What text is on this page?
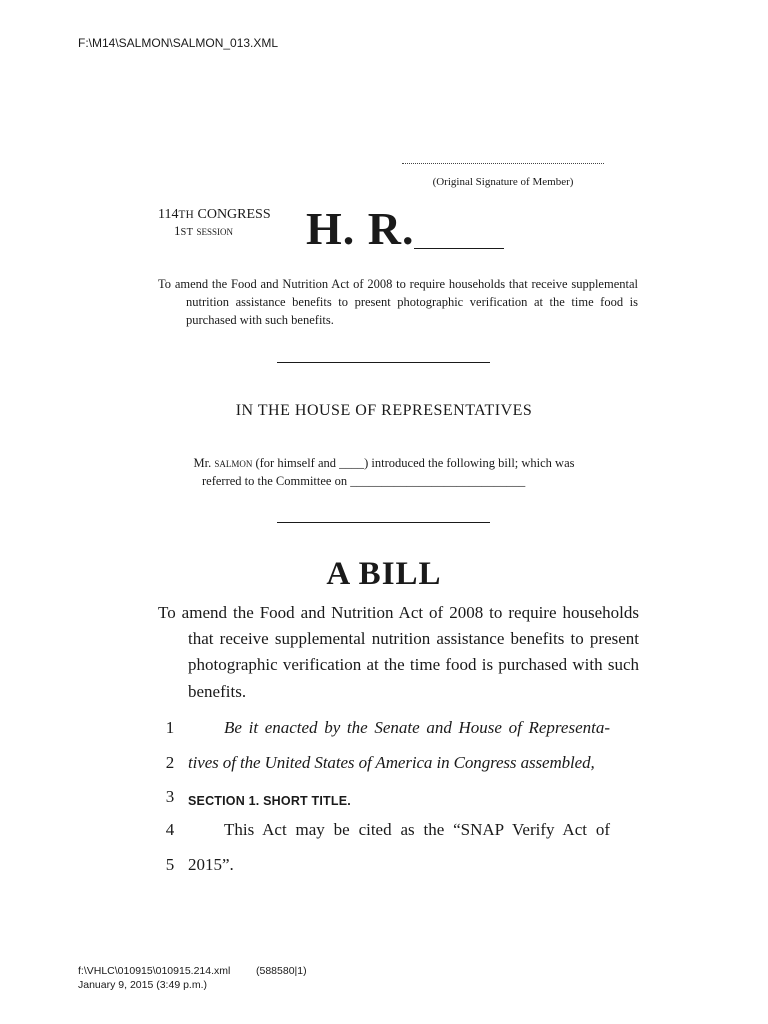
F:\M14\SALMON\SALMON_013.XML
(Original Signature of Member)
114TH CONGRESS
1ST session H. R.
To amend the Food and Nutrition Act of 2008 to require households that receive supplemental nutrition assistance benefits to present photographic verification at the time food is purchased with such benefits.
IN THE HOUSE OF REPRESENTATIVES
Mr. salmon (for himself and ____) introduced the following bill; which was
referred to the Committee on ____________________________
A BILL
To amend the Food and Nutrition Act of 2008 to require households that receive supplemental nutrition assistance benefits to present photographic verification at the time food is purchased with such benefits.
1	Be it enacted by the Senate and House of Representa-
2 tives of the United States of America in Congress assembled,
3	SECTION 1. SHORT TITLE.
4	This Act may be cited as the “SNAP Verify Act of
5 2015”.
f:\VHLC\010915\010915.214.xml (588580|1)
January 9, 2015 (3:49 p.m.)
